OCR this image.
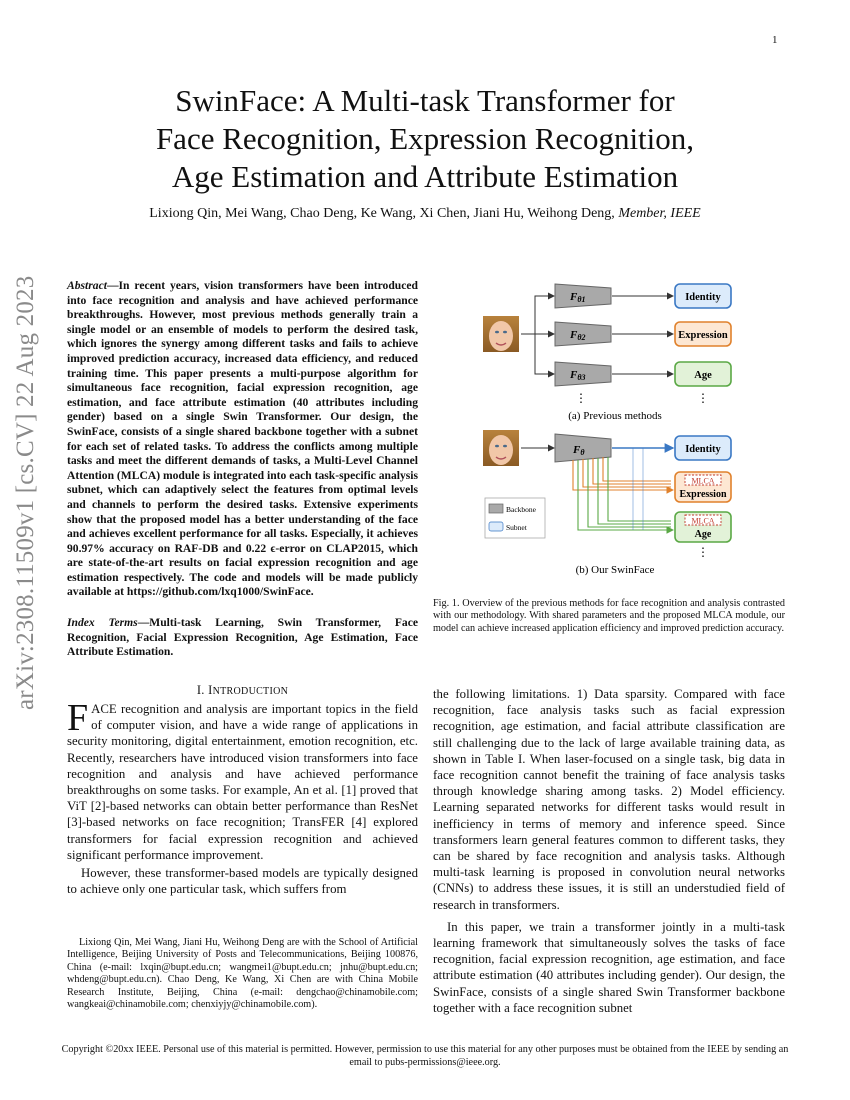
1
arXiv:2308.11509v1 [cs.CV] 22 Aug 2023
SwinFace: A Multi-task Transformer for
Face Recognition, Expression Recognition,
Age Estimation and Attribute Estimation
Lixiong Qin, Mei Wang, Chao Deng, Ke Wang, Xi Chen, Jiani Hu, Weihong Deng, Member, IEEE
Abstract—In recent years, vision transformers have been introduced into face recognition and analysis and have achieved performance breakthroughs. However, most previous methods generally train a single model or an ensemble of models to perform the desired task, which ignores the synergy among different tasks and fails to achieve improved prediction accuracy, increased data efficiency, and reduced training time. This paper presents a multi-purpose algorithm for simultaneous face recognition, facial expression recognition, age estimation, and face attribute estimation (40 attributes including gender) based on a single Swin Transformer. Our design, the SwinFace, consists of a single shared backbone together with a subnet for each set of related tasks. To address the conflicts among multiple tasks and meet the different demands of tasks, a Multi-Level Channel Attention (MLCA) module is integrated into each task-specific analysis subnet, which can adaptively select the features from optimal levels and channels to perform the desired tasks. Extensive experiments show that the proposed model has a better understanding of the face and achieves excellent performance for all tasks. Especially, it achieves 90.97% accuracy on RAF-DB and 0.22 ϵ-error on CLAP2015, which are state-of-the-art results on facial expression recognition and age estimation respectively. The code and models will be made publicly available at https://github.com/lxq1000/SwinFace.
Index Terms—Multi-task Learning, Swin Transformer, Face Recognition, Facial Expression Recognition, Age Estimation, Face Attribute Estimation.
I. INTRODUCTION

FACE recognition and analysis are important topics in the field of computer vision, and have a wide range of applications in security monitoring, digital entertainment, emotion recognition, etc. Recently, researchers have introduced vision transformers into face recognition and analysis and have achieved performance breakthroughs on some tasks. For example, An et al. [1] proved that ViT [2]-based networks can obtain better performance than ResNet [3]-based networks on face recognition; TransFER [4] explored transformers for facial expression recognition and achieved significant performance improvement.

However, these transformer-based models are typically designed to achieve only one particular task, which suffers from

Lixiong Qin, Mei Wang, Jiani Hu, Weihong Deng are with the School of Artificial Intelligence, Beijing University of Posts and Telecommunications, Beijing 100876, China (e-mail: lxqin@bupt.edu.cn; wangmei1@bupt.edu.cn; jnhu@bupt.edu.cn; whdeng@bupt.edu.cn). Chao Deng, Ke Wang, Xi Chen are with China Mobile Research Institute, Beijing, China (e-mail: dengchao@chinamobile.com; wangkeai@chinamobile.com; chenxiyjy@chinamobile.com).
Fθ1
Fθ2
Fθ3
Identity
Expression
Age
⋮	⋮
(a) Previous methods
Fθ	Identity
MLCA
Expression
MLCA
Age
⋮
Backbone
Subnet
(b) Our SwinFace
Fig. 1. Overview of the previous methods for face recognition and analysis contrasted with our methodology. With shared parameters and the proposed MLCA module, our model can achieve increased application efficiency and improved prediction accuracy.

the following limitations. 1) Data sparsity. Compared with face recognition, face analysis tasks such as facial expression recognition, age estimation, and facial attribute classification are still challenging due to the lack of large available training data, as shown in Table I. When laser-focused on a single task, big data in face recognition cannot benefit the training of face analysis tasks through knowledge sharing among tasks. 2) Model efficiency. Learning separated networks for different tasks would result in inefficiency in terms of memory and inference speed. Since transformers learn general features common to different tasks, they can be shared by face recognition and analysis tasks. Although multi-task learning is proposed in convolution neural networks (CNNs) to address these issues, it is still an understudied field of research in transformers.

In this paper, we train a transformer jointly in a multi-task learning framework that simultaneously solves the tasks of face recognition, facial expression recognition, age estimation, and face attribute estimation (40 attributes including gender). Our design, the SwinFace, consists of a single shared Swin Transformer backbone together with a face recognition subnet

Copyright ©20xx IEEE. Personal use of this material is permitted. However, permission to use this material for any other purposes must be obtained from the IEEE by sending an email to pubs-permissions@ieee.org.
